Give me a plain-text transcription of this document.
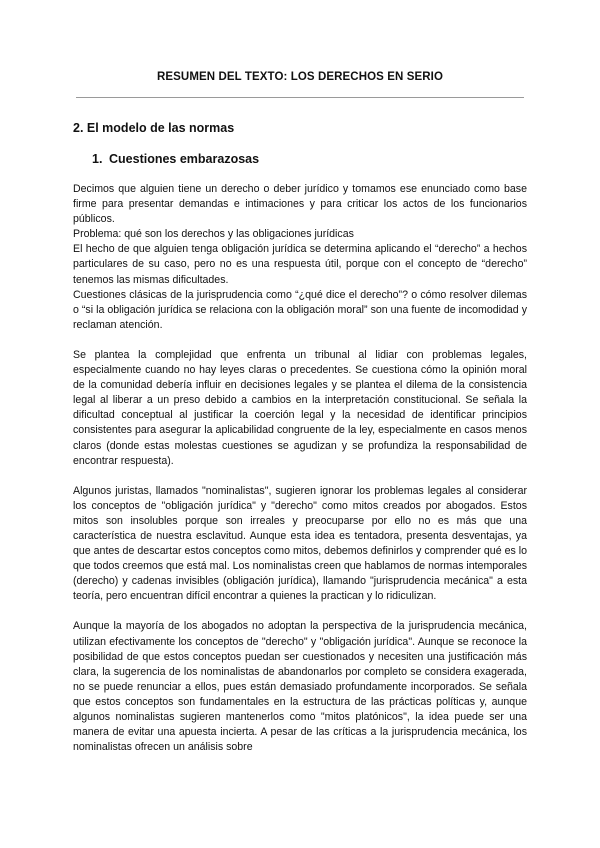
RESUMEN DEL TEXTO: LOS DERECHOS EN SERIO
2. El modelo de las normas
1. Cuestiones embarazosas

Decimos que alguien tiene un derecho o deber jurídico y tomamos ese enunciado como base firme para presentar demandas e intimaciones y para criticar los actos de los funcionarios públicos.

Problema: qué son los derechos y las obligaciones jurídicas

El hecho de que alguien tenga obligación jurídica se determina aplicando el “derecho” a hechos particulares de su caso, pero no es una respuesta útil, porque con el concepto de “derecho” tenemos las mismas dificultades.

Cuestiones clásicas de la jurisprudencia como “¿qué dice el derecho”? o cómo resolver dilemas o “si la obligación jurídica se relaciona con la obligación moral” son una fuente de incomodidad y reclaman atención.

Se plantea la complejidad que enfrenta un tribunal al lidiar con problemas legales, especialmente cuando no hay leyes claras o precedentes. Se cuestiona cómo la opinión moral de la comunidad debería influir en decisiones legales y se plantea el dilema de la consistencia legal al liberar a un preso debido a cambios en la interpretación constitucional. Se señala la dificultad conceptual al justificar la coerción legal y la necesidad de identificar principios consistentes para asegurar la aplicabilidad congruente de la ley, especialmente en casos menos claros (donde estas molestas cuestiones se agudizan y se profundiza la responsabilidad de encontrar respuesta).

Algunos juristas, llamados "nominalistas", sugieren ignorar los problemas legales al considerar los conceptos de "obligación jurídica" y "derecho" como mitos creados por abogados. Estos mitos son insolubles porque son irreales y preocuparse por ello no es más que una característica de nuestra esclavitud. Aunque esta idea es tentadora, presenta desventajas, ya que antes de descartar estos conceptos como mitos, debemos definirlos y comprender qué es lo que todos creemos que está mal. Los nominalistas creen que hablamos de normas intemporales (derecho) y cadenas invisibles (obligación jurídica), llamando "jurisprudencia mecánica" a esta teoría, pero encuentran difícil encontrar a quienes la practican y lo ridiculizan.

Aunque la mayoría de los abogados no adoptan la perspectiva de la jurisprudencia mecánica, utilizan efectivamente los conceptos de "derecho" y "obligación jurídica". Aunque se reconoce la posibilidad de que estos conceptos puedan ser cuestionados y necesiten una justificación más clara, la sugerencia de los nominalistas de abandonarlos por completo se considera exagerada, no se puede renunciar a ellos, pues están demasiado profundamente incorporados. Se señala que estos conceptos son fundamentales en la estructura de las prácticas políticas y, aunque algunos nominalistas sugieren mantenerlos como "mitos platónicos", la idea puede ser una manera de evitar una apuesta incierta. A pesar de las críticas a la jurisprudencia mecánica, los nominalistas ofrecen un análisis sobre
